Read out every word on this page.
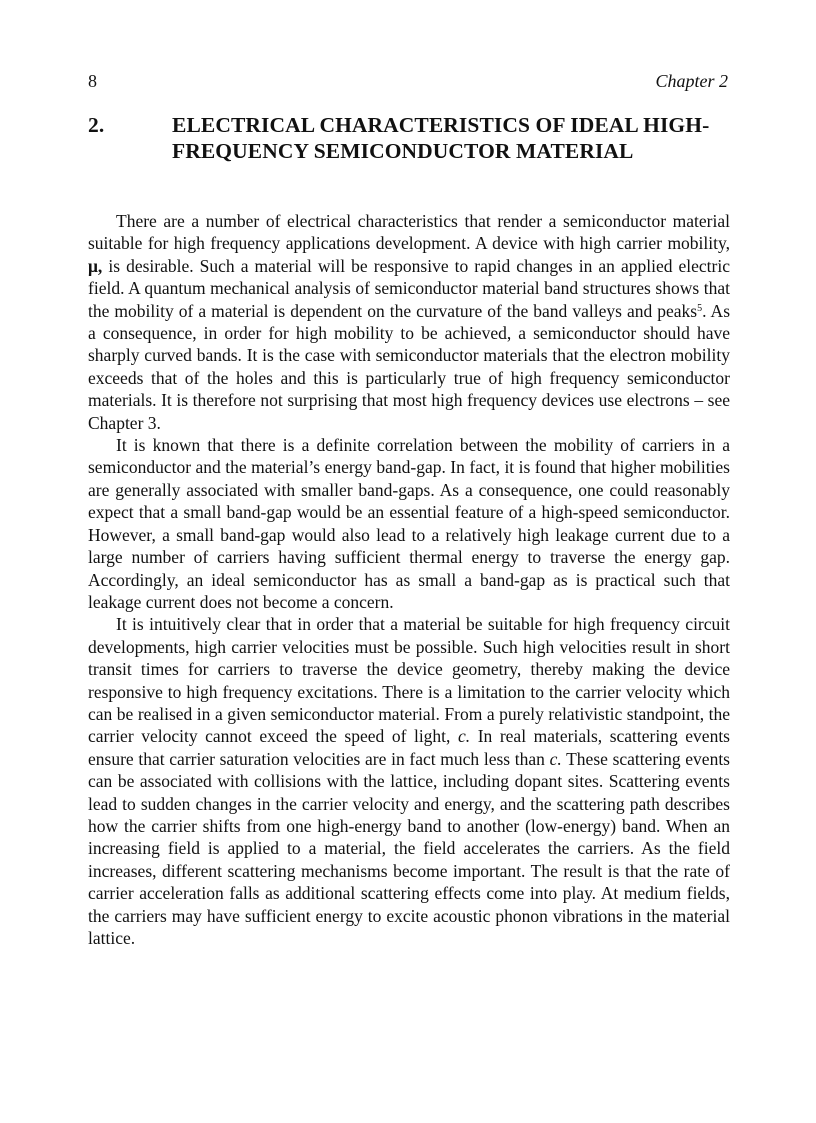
8	Chapter 2
2.	ELECTRICAL CHARACTERISTICS OF IDEAL HIGH-FREQUENCY SEMICONDUCTOR MATERIAL

There are a number of electrical characteristics that render a semiconductor material suitable for high frequency applications development. A device with high carrier mobility, μ, is desirable. Such a material will be responsive to rapid changes in an applied electric field. A quantum mechanical analysis of semiconductor material band structures shows that the mobility of a material is dependent on the curvature of the band valleys and peaks$^5$. As a consequence, in order for high mobility to be achieved, a semiconductor should have sharply curved bands. It is the case with semiconductor materials that the electron mobility exceeds that of the holes and this is particularly true of high frequency semiconductor materials. It is therefore not surprising that most high frequency devices use electrons – see Chapter 3.

It is known that there is a definite correlation between the mobility of carriers in a semiconductor and the material’s energy band-gap. In fact, it is found that higher mobilities are generally associated with smaller band-gaps. As a consequence, one could reasonably expect that a small band-gap would be an essential feature of a high-speed semiconductor. However, a small band-gap would also lead to a relatively high leakage current due to a large number of carriers having sufficient thermal energy to traverse the energy gap. Accordingly, an ideal semiconductor has as small a band-gap as is practical such that leakage current does not become a concern.

It is intuitively clear that in order that a material be suitable for high frequency circuit developments, high carrier velocities must be possible. Such high velocities result in short transit times for carriers to traverse the device geometry, thereby making the device responsive to high frequency excitations. There is a limitation to the carrier velocity which can be realised in a given semiconductor material. From a purely relativistic standpoint, the carrier velocity cannot exceed the speed of light, c. In real materials, scattering events ensure that carrier saturation velocities are in fact much less than c. These scattering events can be associated with collisions with the lattice, including dopant sites. Scattering events lead to sudden changes in the carrier velocity and energy, and the scattering path describes how the carrier shifts from one high-energy band to another (low-energy) band. When an increasing field is applied to a material, the field accelerates the carriers. As the field increases, different scattering mechanisms become important. The result is that the rate of carrier acceleration falls as additional scattering effects come into play. At medium fields, the carriers may have sufficient energy to excite acoustic phonon vibrations in the material lattice.
